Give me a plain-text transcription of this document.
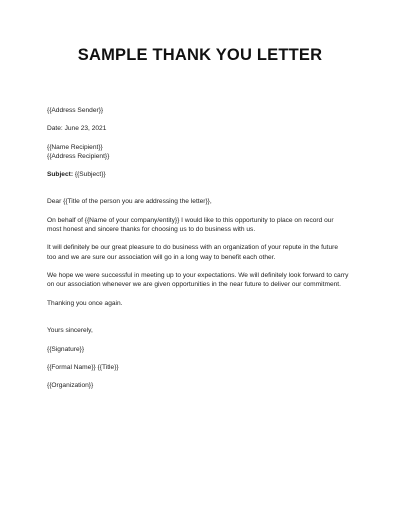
SAMPLE THANK YOU LETTER
{{Address Sender}}
Date: June 23, 2021
{{Name Recipient}}
{{Address Recipient}}
Subject: {{Subject}}
Dear {{Title of the person you are addressing the letter}},
On behalf of {{Name of your company/entity}} I would like to this opportunity to place on record our
most honest and sincere thanks for choosing us to do business with us.
It will definitely be our great pleasure to do business with an organization of your repute in the future
too and we are sure our association will go in a long way to benefit each other.
We hope we were successful in meeting up to your expectations. We will definitely look forward to carry
on our association whenever we are given opportunities in the near future to deliver our commitment.
Thanking you once again.
Yours sincerely,
{{Signature}}
{{Formal Name}} {{Title}}
{{Organization}}
